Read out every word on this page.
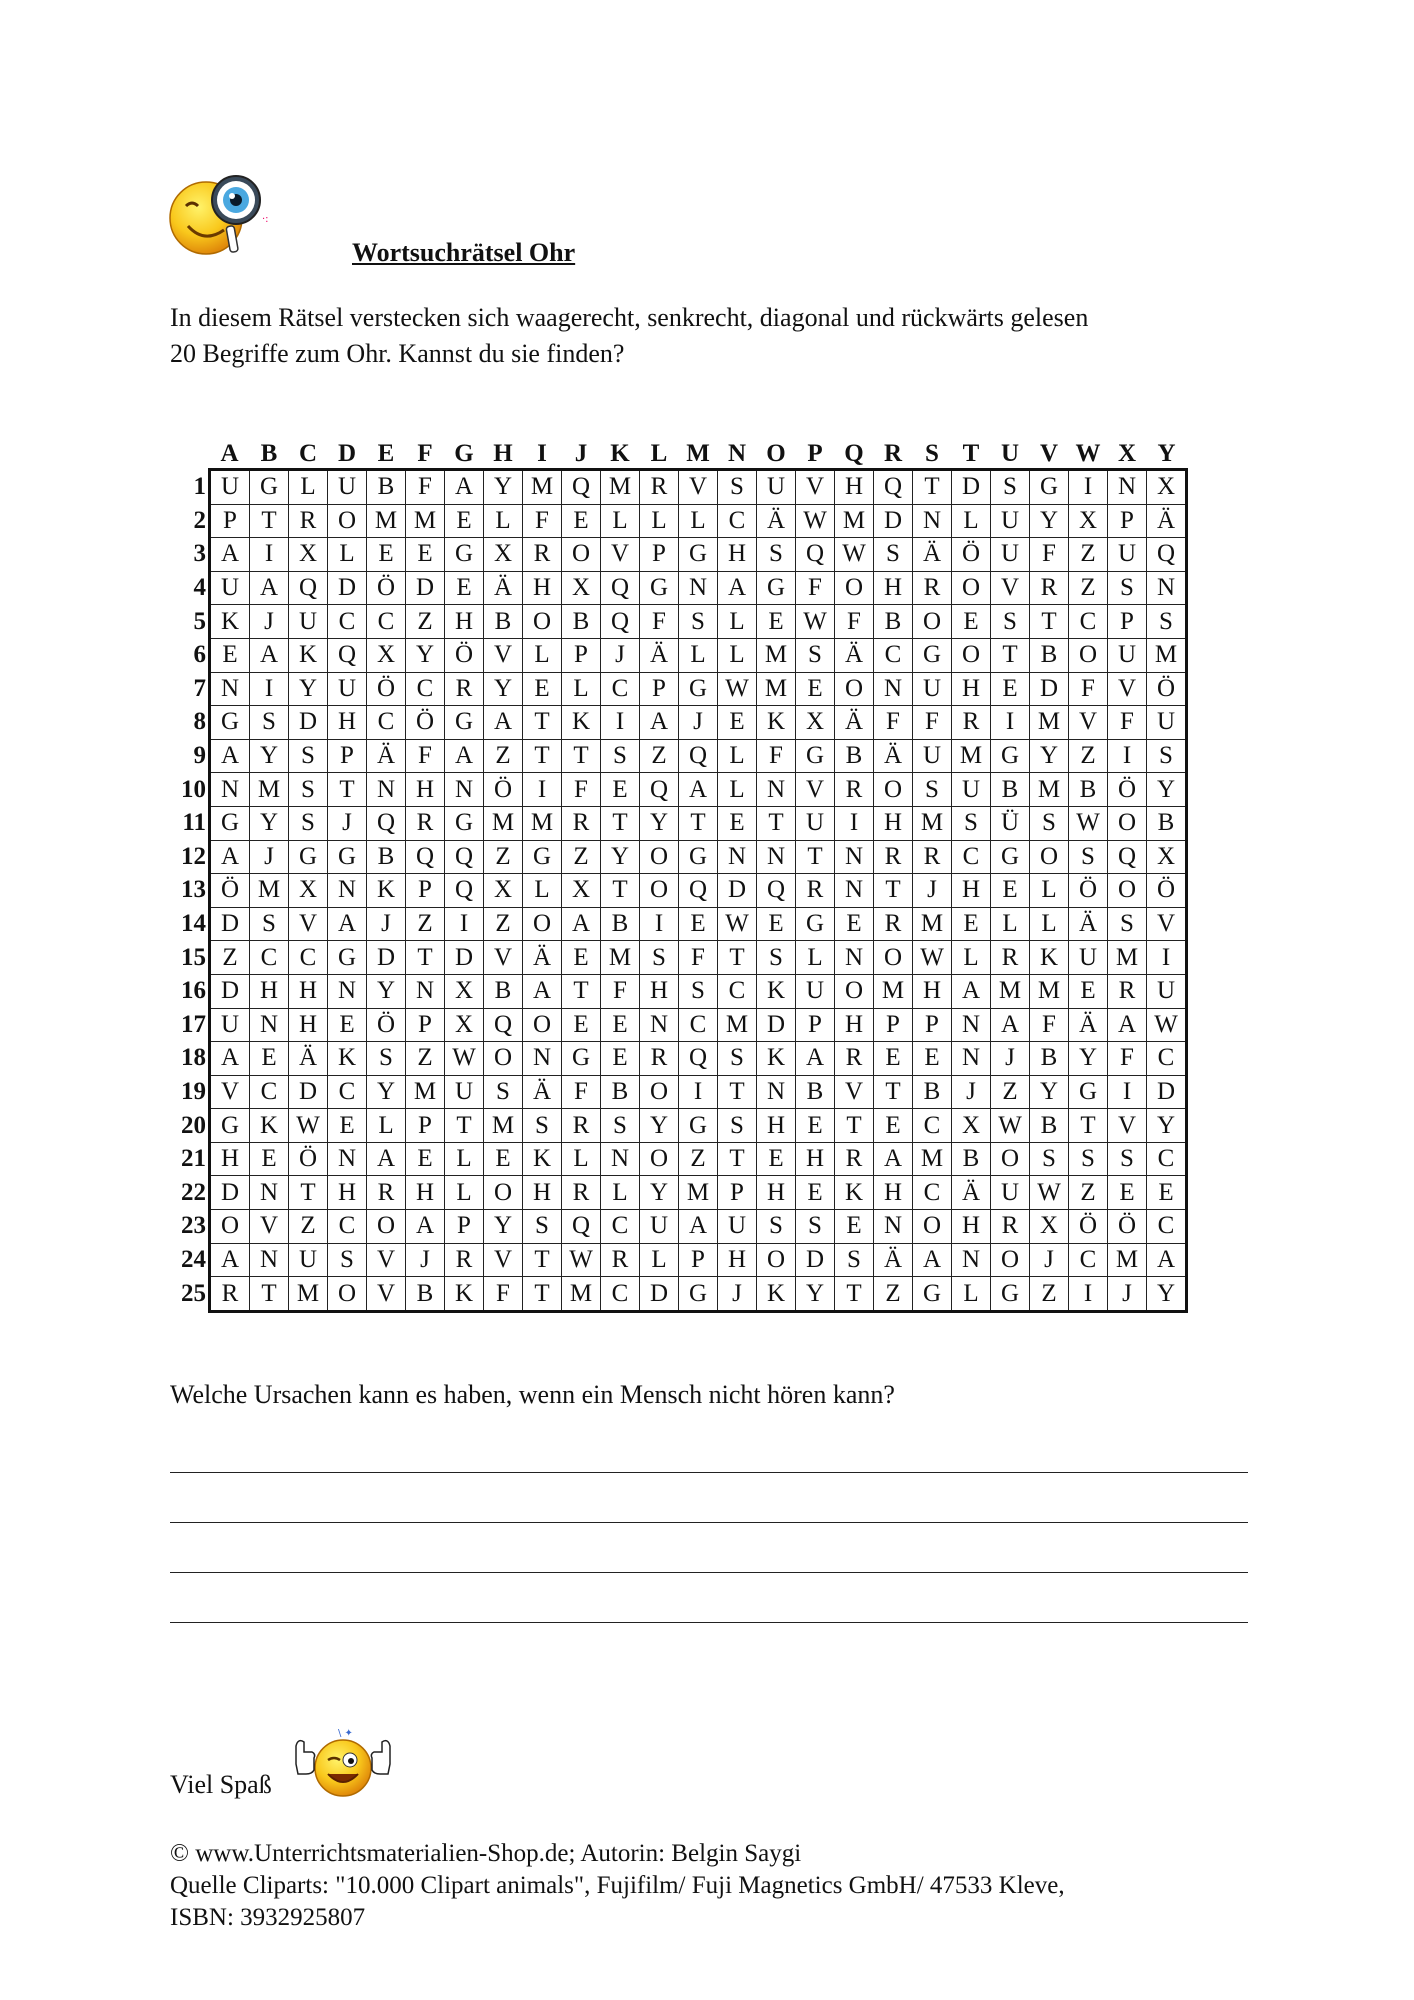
·:
Wortsuchrätsel Ohr
In diesem Rätsel verstecken sich waagerecht, senkrecht, diagonal und rückwärts gelesen
20 Begriffe zum Ohr. Kannst du sie finden?
	A	B	C	D	E	F	G	H	I	J	K	L	M	N	O	P	Q	R	S	T	U	V	W	X	Y
1	U	G	L	U	B	F	A	Y	M	Q	M	R	V	S	U	V	H	Q	T	D	S	G	I	N	X
2	P	T	R	O	M	M	E	L	F	E	L	L	L	C	Ä	W	M	D	N	L	U	Y	X	P	Ä
3	A	I	X	L	E	E	G	X	R	O	V	P	G	H	S	Q	W	S	Ä	Ö	U	F	Z	U	Q
4	U	A	Q	D	Ö	D	E	Ä	H	X	Q	G	N	A	G	F	O	H	R	O	V	R	Z	S	N
5	K	J	U	C	C	Z	H	B	O	B	Q	F	S	L	E	W	F	B	O	E	S	T	C	P	S
6	E	A	K	Q	X	Y	Ö	V	L	P	J	Ä	L	L	M	S	Ä	C	G	O	T	B	O	U	M
7	N	I	Y	U	Ö	C	R	Y	E	L	C	P	G	W	M	E	O	N	U	H	E	D	F	V	Ö
8	G	S	D	H	C	Ö	G	A	T	K	I	A	J	E	K	X	Ä	F	F	R	I	M	V	F	U
9	A	Y	S	P	Ä	F	A	Z	T	T	S	Z	Q	L	F	G	B	Ä	U	M	G	Y	Z	I	S
10	N	M	S	T	N	H	N	Ö	I	F	E	Q	A	L	N	V	R	O	S	U	B	M	B	Ö	Y
11	G	Y	S	J	Q	R	G	M	M	R	T	Y	T	E	T	U	I	H	M	S	Ü	S	W	O	B
12	A	J	G	G	B	Q	Q	Z	G	Z	Y	O	G	N	N	T	N	R	R	C	G	O	S	Q	X
13	Ö	M	X	N	K	P	Q	X	L	X	T	O	Q	D	Q	R	N	T	J	H	E	L	Ö	O	Ö
14	D	S	V	A	J	Z	I	Z	O	A	B	I	E	W	E	G	E	R	M	E	L	L	Ä	S	V
15	Z	C	C	G	D	T	D	V	Ä	E	M	S	F	T	S	L	N	O	W	L	R	K	U	M	I
16	D	H	H	N	Y	N	X	B	A	T	F	H	S	C	K	U	O	M	H	A	M	M	E	R	U
17	U	N	H	E	Ö	P	X	Q	O	E	E	N	C	M	D	P	H	P	P	N	A	F	Ä	A	W
18	A	E	Ä	K	S	Z	W	O	N	G	E	R	Q	S	K	A	R	E	E	N	J	B	Y	F	C
19	V	C	D	C	Y	M	U	S	Ä	F	B	O	I	T	N	B	V	T	B	J	Z	Y	G	I	D
20	G	K	W	E	L	P	T	M	S	R	S	Y	G	S	H	E	T	E	C	X	W	B	T	V	Y
21	H	E	Ö	N	A	E	L	E	K	L	N	O	Z	T	E	H	R	A	M	B	O	S	S	S	C
22	D	N	T	H	R	H	L	O	H	R	L	Y	M	P	H	E	K	H	C	Ä	U	W	Z	E	E
23	O	V	Z	C	O	A	P	Y	S	Q	C	U	A	U	S	S	E	N	O	H	R	X	Ö	Ö	C
24	A	N	U	S	V	J	R	V	T	W	R	L	P	H	O	D	S	Ä	A	N	O	J	C	M	A
25	R	T	M	O	V	B	K	F	T	M	C	D	G	J	K	Y	T	Z	G	L	G	Z	I	J	Y
Welche Ursachen kann es haben, wenn ein Mensch nicht hören kann?
Viel Spaß
\ ✦
© www.Unterrichtsmaterialien-Shop.de; Autorin: Belgin Saygi
Quelle Cliparts: "10.000 Clipart animals", Fujifilm/ Fuji Magnetics GmbH/ 47533 Kleve,
ISBN: 3932925807
